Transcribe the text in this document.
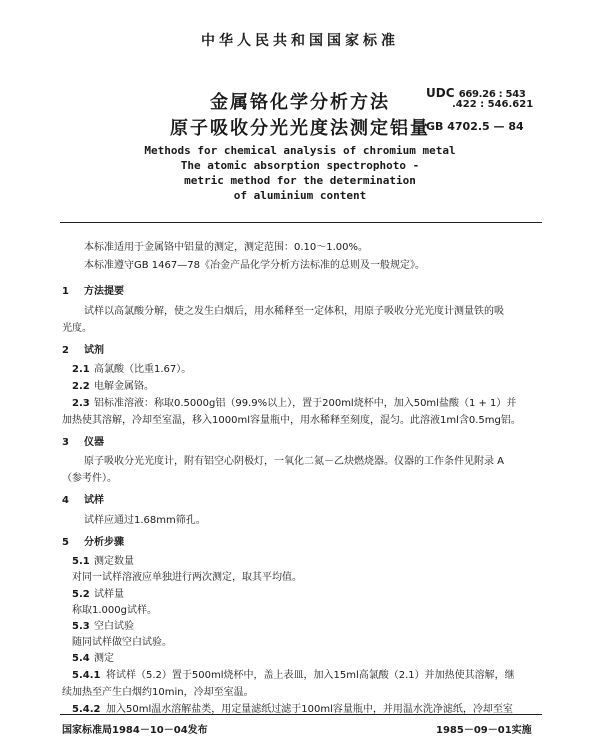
中华人民共和国国家标准
金属铬化学分析方法
原子吸收分光光度法测定铝量
UDC 669.26 : 543
.422 : 546.621
GB 4702.5 — 84
Methods for chemical analysis of chromium metal
The atomic absorption spectrophoto -
metric method for the determination
of aluminium content
本标准适用于金属铬中铝量的测定，测定范围：0.10～1.00%。
本标准遵守GB 1467—78《冶金产品化学分析方法标准的总则及一般规定》。
1 方法提要
试样以高氯酸分解，使之发生白烟后，用水稀释至一定体积，用原子吸收分光光度计测量铁的吸
光度。
2 试剂
2.1 高氯酸（比重1.67）。
2.2 电解金属铬。
2.3 铝标准溶液：称取0.5000g铝（99.9%以上），置于200ml烧杯中，加入50ml盐酸（1 + 1）并
加热使其溶解，冷却至室温，移入1000ml容量瓶中，用水稀释至刻度，混匀。此溶液1ml含0.5mg铝。
3 仪器
原子吸收分光光度计，附有铝空心阴极灯，一氧化二氮－乙炔燃烧器。仪器的工作条件见附录 A
（参考件）。
4 试样
试样应通过1.68mm筛孔。
5 分析步骤
5.1 测定数量
对同一试样溶液应单独进行两次测定，取其平均值。
5.2 试样量
称取1.000g试样。
5.3 空白试验
随同试样做空白试验。
5.4 测定
5.4.1 将试样（5.2）置于500ml烧杯中，盖上表皿，加入15ml高氯酸（2.1）并加热使其溶解，继
续加热至产生白烟约10min，冷却至室温。
5.4.2 加入50ml温水溶解盐类，用定量滤纸过滤于100ml容量瓶中，并用温水洗净滤纸，冷却至室
国家标准局1984－10－04发布	1985－09－01实施
